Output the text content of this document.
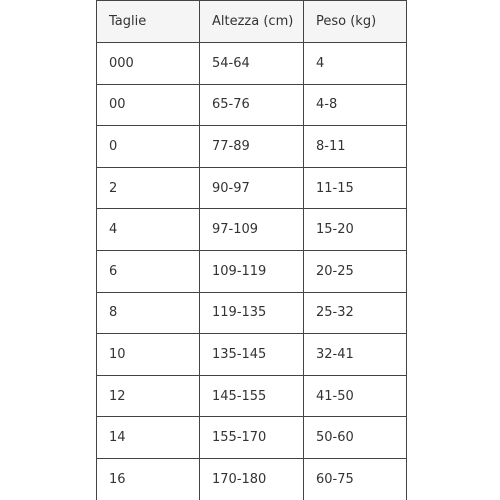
Taglie	Altezza (cm)	Peso (kg)
000	54-64	4
00	65-76	4-8
0	77-89	8-11
2	90-97	11-15
4	97-109	15-20
6	109-119	20-25
8	119-135	25-32
10	135-145	32-41
12	145-155	41-50
14	155-170	50-60
16	170-180	60-75
